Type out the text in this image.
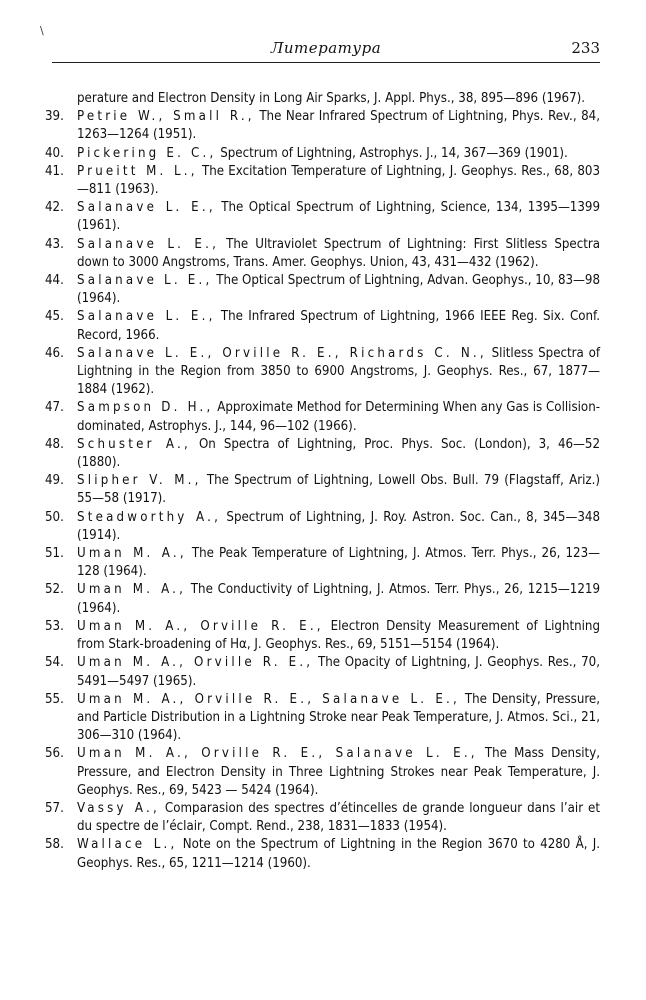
\
Литература	233
perature and Electron Density in Long Air Sparks, J. Appl. Phys., 38, 895—896 (1967).
39. Petrie W., Small R., The Near Infrared Spectrum of Lightning, Phys. Rev., 84, 1263—1264 (1951).
40. Pickering E. C., Spectrum of Lightning, Astrophys. J., 14, 367—369 (1901).
41. Prueitt M. L., The Excitation Temperature of Lightning, J. Geophys. Res., 68, 803—811 (1963).
42. Salanave L. E., The Optical Spectrum of Lightning, Science, 134, 1395—1399 (1961).
43. Salanave L. E., The Ultraviolet Spectrum of Lightning: First Slitless Spectra down to 3000 Angstroms, Trans. Amer. Geophys. Union, 43, 431—432 (1962).
44. Salanave L. E., The Optical Spectrum of Lightning, Advan. Geophys., 10, 83—98 (1964).
45. Salanave L. E., The Infrared Spectrum of Lightning, 1966 IEEE Reg. Six. Conf. Record, 1966.
46. Salanave L. E., Orville R. E., Richards C. N., Slitless Spectra of Lightning in the Region from 3850 to 6900 Angstroms, J. Geophys. Res., 67, 1877—1884 (1962).
47. Sampson D. H., Approximate Method for Determining When any Gas is Collision-dominated, Astrophys. J., 144, 96—102 (1966).
48. Schuster A., On Spectra of Lightning, Proc. Phys. Soc. (London), 3, 46—52 (1880).
49. Slipher V. M., The Spectrum of Lightning, Lowell Obs. Bull. 79 (Flagstaff, Ariz.) 55—58 (1917).
50. Steadworthy A., Spectrum of Lightning, J. Roy. Astron. Soc. Can., 8, 345—348 (1914).
51. Uman M. A., The Peak Temperature of Lightning, J. Atmos. Terr. Phys., 26, 123—128 (1964).
52. Uman M. A., The Conductivity of Lightning, J. Atmos. Terr. Phys., 26, 1215—1219 (1964).
53. Uman M. A., Orville R. E., Electron Density Measurement of Lightning from Stark-broadening of Hα, J. Geophys. Res., 69, 5151—5154 (1964).
54. Uman M. A., Orville R. E., The Opacity of Lightning, J. Geophys. Res., 70, 5491—5497 (1965).
55. Uman M. A., Orville R. E., Salanave L. E., The Density, Pressure, and Particle Distribution in a Lightning Stroke near Peak Temperature, J. Atmos. Sci., 21, 306—310 (1964).
56. Uman M. A., Orville R. E., Salanave L. E., The Mass Density, Pressure, and Electron Density in Three Lightning Strokes near Peak Temperature, J. Geophys. Res., 69, 5423 — 5424 (1964).
57. Vassy A., Comparasion des spectres d’étincelles de grande longueur dans l’air et du spectre de l’éclair, Compt. Rend., 238, 1831—1833 (1954).
58. Wallace L., Note on the Spectrum of Lightning in the Region 3670 to 4280 Å, J. Geophys. Res., 65, 1211—1214 (1960).
